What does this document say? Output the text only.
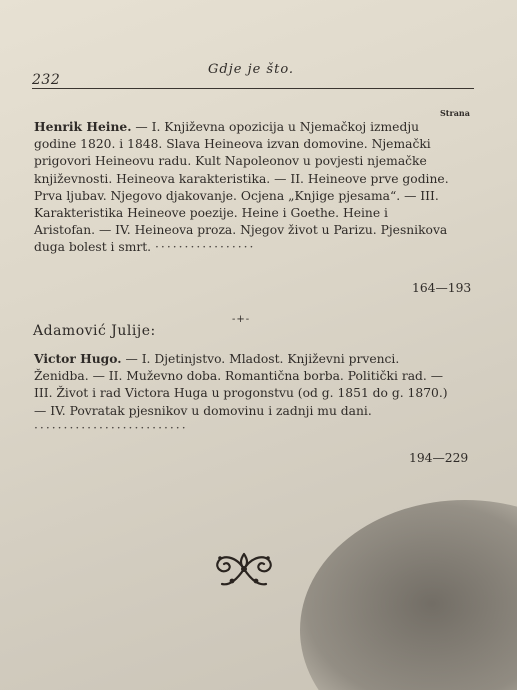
232
Gdje je što.
Strana
Henrik Heine. — I. Književna opozicija u Njemačkoj izmedju godine 1820. i 1848. Slava Heineova izvan domovine. Njemački prigovori Heineovu radu. Kult Napoleonov u povjesti njemačke književnosti. Heineova karakteristika. — II. Heineove prve godine. Prva ljubav. Njegovo djakovanje. Ocjena „Knjige pjesama“. — III. Karakteristika Heineove poezije. Heine i Goethe. Heine i Aristofan. — IV. Heineova proza. Njegov život u Parizu. Pjesnikova duga bolest i smrt. ·················
164—193
-+-
Adamović Julije:
Victor Hugo. — I. Djetinjstvo. Mladost. Književni prvenci. Ženidba. — II. Muževno doba. Romantična borba. Politički rad. — III. Život i rad Victora Huga u progonstvu (od g. 1851 do g. 1870.) — IV. Povratak pjesnikov u domovinu i zadnji mu dani. ··························
194—229
